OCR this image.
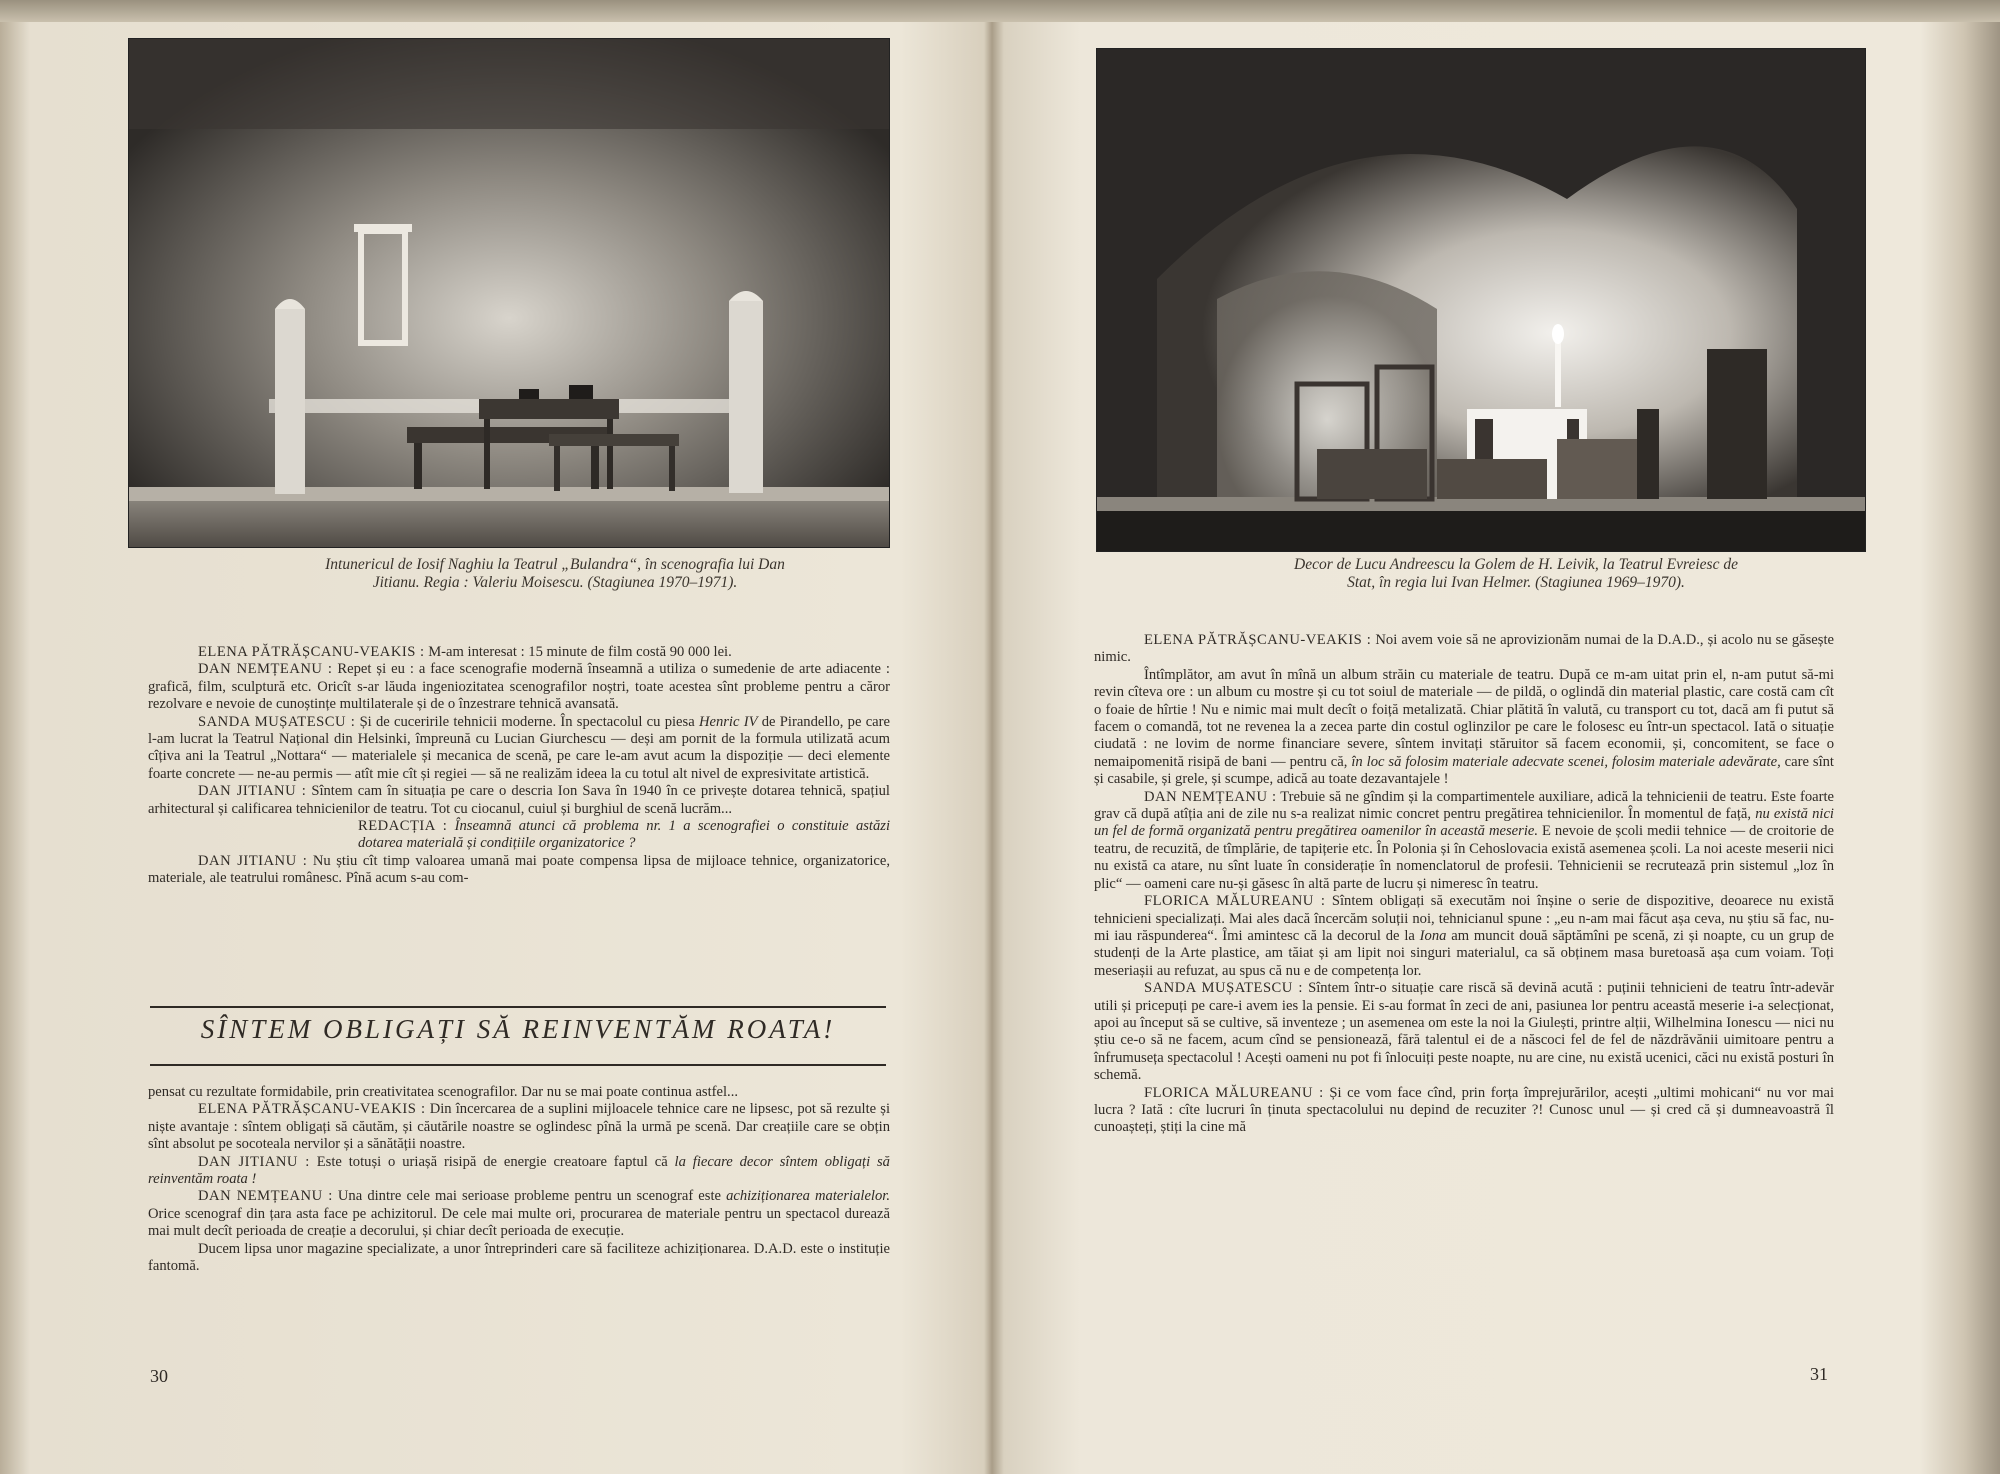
Intunericul de Iosif Naghiu la Teatrul „Bulandra“, în scenografia lui Dan
Jitianu. Regia : Valeriu Moisescu. (Stagiunea 1970–1971).

ELENA PĂTRĂȘCANU-VEAKIS : M-am interesat : 15 minute de film costă 90 000 lei.

DAN NEMȚEANU : Repet și eu : a face scenografie modernă înseamnă a utiliza o sumedenie de arte adiacente : grafică, film, sculptură etc. Oricît s-ar lăuda ingeniozitatea scenografilor noștri, toate acestea sînt probleme pentru a căror rezolvare e nevoie de cunoștințe multilaterale și de o înzestrare tehnică avansată.

SANDA MUȘATESCU : Și de cuceririle tehnicii moderne. În spectacolul cu piesa Henric IV de Pirandello, pe care l-am lucrat la Teatrul Național din Helsinki, împreună cu Lucian Giurchescu — deși am pornit de la formula utilizată acum cîțiva ani la Teatrul „Nottara“ — materialele și mecanica de scenă, pe care le-am avut acum la dispoziție — deci elemente foarte concrete — ne-au permis — atît mie cît și regiei — să ne realizăm ideea la cu totul alt nivel de expresivitate artistică.

DAN JITIANU : Sîntem cam în situația pe care o descria Ion Sava în 1940 în ce privește dotarea tehnică, spațiul arhitectural și calificarea tehnicienilor de teatru. Tot cu ciocanul, cuiul și burghiul de scenă lucrăm...

REDACȚIA : Înseamnă atunci că problema nr. 1 a scenografiei o constituie astăzi dotarea materială și condițiile organizatorice ?

DAN JITIANU : Nu știu cît timp valoarea umană mai poate compensa lipsa de mijloace tehnice, organizatorice, materiale, ale teatrului românesc. Pînă acum s-au com-

SÎNTEM OBLIGAȚI SĂ REINVENTĂM ROATA!

pensat cu rezultate formidabile, prin creativitatea scenografilor. Dar nu se mai poate continua astfel...

ELENA PĂTRĂȘCANU-VEAKIS : Din încercarea de a suplini mijloacele tehnice care ne lipsesc, pot să rezulte și niște avantaje : sîntem obligați să căutăm, și căutările noastre se oglindesc pînă la urmă pe scenă. Dar creațiile care se obțin sînt absolut pe socoteala nervilor și a sănătății noastre.

DAN JITIANU : Este totuși o uriașă risipă de energie creatoare faptul că la fiecare decor sîntem obligați să reinventăm roata !

DAN NEMȚEANU : Una dintre cele mai serioase probleme pentru un scenograf este achiziționarea materialelor. Orice scenograf din țara asta face pe achizitorul. De cele mai multe ori, procurarea de materiale pentru un spectacol durează mai mult decît perioada de creație a decorului, și chiar decît perioada de execuție.

Ducem lipsa unor magazine specializate, a unor întreprinderi care să faciliteze achiziționarea. D.A.D. este o instituție fantomă.

30
Decor de Lucu Andreescu la Golem de H. Leivik, la Teatrul Evreiesc de
Stat, în regia lui Ivan Helmer. (Stagiunea 1969–1970).

ELENA PĂTRĂȘCANU-VEAKIS : Noi avem voie să ne aprovizionăm numai de la D.A.D., și acolo nu se găsește nimic.

Întîmplător, am avut în mînă un album străin cu materiale de teatru. După ce m-am uitat prin el, n-am putut să-mi revin cîteva ore : un album cu mostre și cu tot soiul de materiale — de pildă, o oglindă din material plastic, care costă cam cît o foaie de hîrtie ! Nu e nimic mai mult decît o foiță metalizată. Chiar plătită în valută, cu transport cu tot, dacă am fi putut să facem o comandă, tot ne revenea la a zecea parte din costul oglinzilor pe care le folosesc eu într-un spectacol. Iată o situație ciudată : ne lovim de norme financiare severe, sîntem invitați stăruitor să facem economii, și, concomitent, se face o nemaipomenită risipă de bani — pentru că, în loc să folosim materiale adecvate scenei, folosim materiale adevărate, care sînt și casabile, și grele, și scumpe, adică au toate dezavantajele !

DAN NEMȚEANU : Trebuie să ne gîndim și la compartimentele auxiliare, adică la tehnicienii de teatru. Este foarte grav că după atîția ani de zile nu s-a realizat nimic concret pentru pregătirea tehnicienilor. În momentul de față, nu există nici un fel de formă organizată pentru pregătirea oamenilor în această meserie. E nevoie de școli medii tehnice — de croitorie de teatru, de recuzită, de tîmplărie, de tapițerie etc. În Polonia și în Cehoslovacia există asemenea școli. La noi aceste meserii nici nu există ca atare, nu sînt luate în considerație în nomenclatorul de profesii. Tehnicienii se recrutează prin sistemul „loz în plic“ — oameni care nu-și găsesc în altă parte de lucru și nimeresc în teatru.

FLORICA MĂLUREANU : Sîntem obligați să executăm noi înșine o serie de dispozitive, deoarece nu există tehnicieni specializați. Mai ales dacă încercăm soluții noi, tehnicianul spune : „eu n-am mai făcut așa ceva, nu știu să fac, nu-mi iau răspunderea“. Îmi amintesc că la decorul de la Iona am muncit două săptămîni pe scenă, zi și noapte, cu un grup de studenți de la Arte plastice, am tăiat și am lipit noi singuri materialul, ca să obținem masa buretoasă așa cum voiam. Toți meseriașii au refuzat, au spus că nu e de competența lor.

SANDA MUȘATESCU : Sîntem într-o situație care riscă să devină acută : puținii tehnicieni de teatru într-adevăr utili și pricepuți pe care-i avem ies la pensie. Ei s-au format în zeci de ani, pasiunea lor pentru această meserie i-a selecționat, apoi au început să se cultive, să inventeze ; un asemenea om este la noi la Giulești, printre alții, Wilhelmina Ionescu — nici nu știu ce-o să ne facem, acum cînd se pensionează, fără talentul ei de a născoci fel de fel de năzdrăvănii uimitoare pentru a înfrumuseța spectacolul ! Acești oameni nu pot fi înlocuiți peste noapte, nu are cine, nu există ucenici, căci nu există posturi în schemă.

FLORICA MĂLUREANU : Și ce vom face cînd, prin forța împrejurărilor, acești „ultimi mohicani“ nu vor mai lucra ? Iată : cîte lucruri în ținuta spectacolului nu depind de recuziter ?! Cunosc unul — și cred că și dumneavoastră îl cunoașteți, știți la cine mă

31
